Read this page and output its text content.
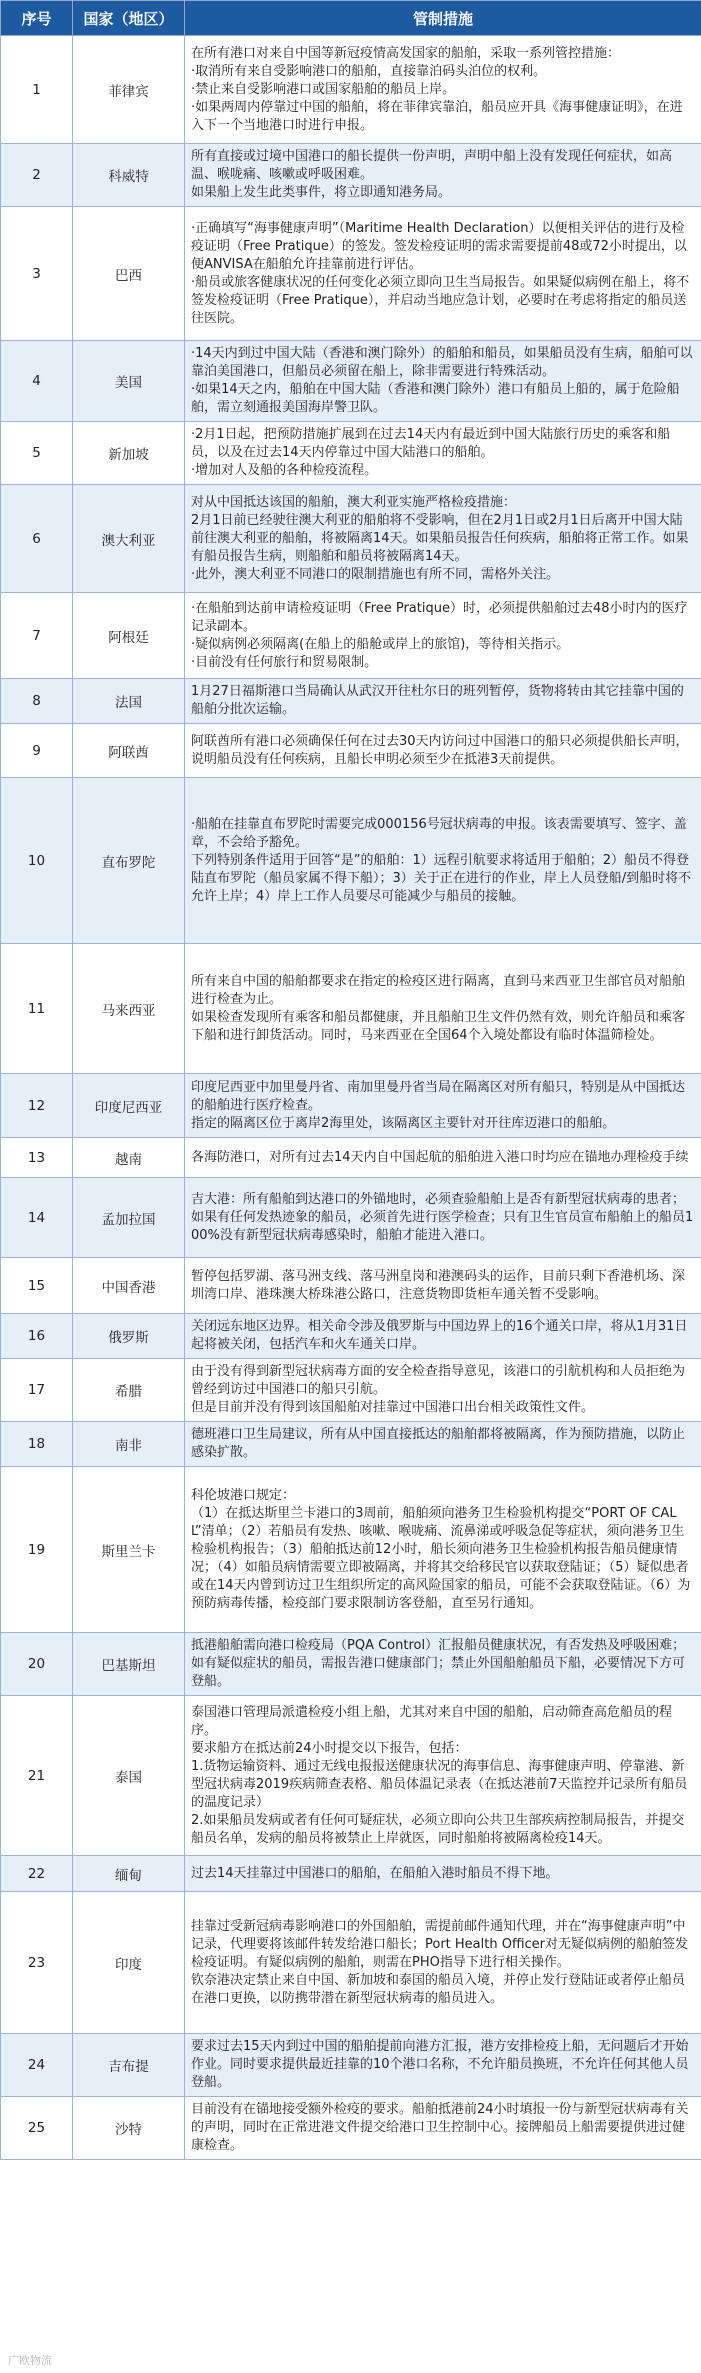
序号	国家（地区）	管制措施
1	菲律宾	在所有港口对来自中国等新冠疫情高发国家的船舶，采取一系列管控措施：
·取消所有来自受影响港口的船舶，直接靠泊码头泊位的权利。
·禁止来自受影响港口或国家船舶的船员上岸。
·如果两周内停靠过中国的船舶，将在菲律宾靠泊，船员应开具《海事健康证明》，在进入下一个当地港口时进行申报。

2	科威特	所有直接或过境中国港口的船长提供一份声明，声明中船上没有发现任何症状，如高温、喉咙痛、咳嗽或呼吸困难。
如果船上发生此类事件，将立即通知港务局。

3	巴西	·正确填写“海事健康声明”（Maritime Health Declaration）以便相关评估的进行及检疫证明（Free Pratique）的签发。签发检疫证明的需求需要提前48或72小时提出，以便ANVISA在船舶允许挂靠前进行评估。
·船员或旅客健康状况的任何变化必须立即向卫生当局报告。如果疑似病例在船上，将不签发检疫证明（Free Pratique），并启动当地应急计划，必要时在考虑将指定的船员送往医院。

4	美国	·14天内到过中国大陆（香港和澳门除外）的船舶和船员，如果船员没有生病，船舶可以靠泊美国港口，但船员必须留在船上，除非需要进行特殊活动。
·如果14天之内，船舶在中国大陆（香港和澳门除外）港口有船员上船的，属于危险船舶，需立刻通报美国海岸警卫队。

5	新加坡	·2月1日起，把预防措施扩展到在过去14天内有最近到中国大陆旅行历史的乘客和船员，以及在过去14天内停靠过中国大陆港口的船舶。
·增加对人及船的各种检疫流程。

6	澳大利亚	对从中国抵达该国的船舶，澳大利亚实施严格检疫措施：
2月1日前已经驶往澳大利亚的船舶将不受影响，但在2月1日或2月1日后离开中国大陆前往澳大利亚的船舶，将被隔离14天。如果船员报告任何疾病，船舶将正常工作。如果有船员报告生病，则船舶和船员将被隔离14天。
·此外，澳大利亚不同港口的限制措施也有所不同，需格外关注。

7	阿根廷	·在船舶到达前申请检疫证明（Free Pratique）时，必须提供船舶过去48小时内的医疗记录副本。
·疑似病例必须隔离(在船上的船舱或岸上的旅馆)，等待相关指示。
·目前没有任何旅行和贸易限制。

8	法国	1月27日福斯港口当局确认从武汉开往杜尔日的班列暂停，货物将转由其它挂靠中国的船舶分批次运输。

9	阿联酋	阿联酋所有港口必须确保任何在过去30天内访问过中国港口的船只必须提供船长声明，说明船员没有任何疾病，且船长申明必须至少在抵港3天前提供。

10	直布罗陀	·船舶在挂靠直布罗陀时需要完成000156号冠状病毒的申报。该表需要填写、签字、盖章，不会给予豁免。
下列特别条件适用于回答“是”的船舶：1）远程引航要求将适用于船舶；2）船员不得登陆直布罗陀（船员家属不得下船）；3）关于正在进行的作业，岸上人员登船/到船时将不允许上岸；4）岸上工作人员要尽可能减少与船员的接触。

11	马来西亚	所有来自中国的船舶都要求在指定的检疫区进行隔离，直到马来西亚卫生部官员对船舶进行检查为止。
如果检查发现所有乘客和船员都健康，并且船舶卫生文件仍然有效，则允许船员和乘客下船和进行卸货活动。同时，马来西亚在全国64个入境处都设有临时体温筛检处。

12	印度尼西亚	印度尼西亚中加里曼丹省、南加里曼丹省当局在隔离区对所有船只，特别是从中国抵达的船舶进行医疗检查。
指定的隔离区位于离岸2海里处，该隔离区主要针对开往库迈港口的船舶。

13	越南	各海防港口，对所有过去14天内自中国起航的船舶进入港口时均应在锚地办理检疫手续

14	孟加拉国	吉大港：所有船舶到达港口的外锚地时，必须查验船舶上是否有新型冠状病毒的患者；如果有任何发热迹象的船员，必须首先进行医学检查；只有卫生官员宣布船舶上的船员100%没有新型冠状病毒感染时，船舶才能进入港口。

15	中国香港	暂停包括罗湖、落马洲支线、落马洲皇岗和港澳码头的运作，目前只剩下香港机场、深圳湾口岸、港珠澳大桥珠港公路口，注意货物即货柜车通关暂不受影响。

16	俄罗斯	关闭远东地区边界。相关命令涉及俄罗斯与中国边界上的16个通关口岸，将从1月31日起将被关闭，包括汽车和火车通关口岸。

17	希腊	由于没有得到新型冠状病毒方面的安全检查指导意见，该港口的引航机构和人员拒绝为曾经到访过中国港口的船只引航。
但是目前并没有得到该国船舶对挂靠过中国港口出台相关政策性文件。

18	南非	德班港口卫生局建议，所有从中国直接抵达的船舶都将被隔离，作为预防措施，以防止感染扩散。

19	斯里兰卡	科伦坡港口规定：
（1）在抵达斯里兰卡港口的3周前，船舶须向港务卫生检验机构提交“PORT OF CALL”清单；（2）若船员有发热、咳嗽、喉咙痛、流鼻涕或呼吸急促等症状，须向港务卫生检验机构报告；（3）船舶抵达前12小时，船长须向港务卫生检验机构报告船员健康情况；（4）如船员病情需要立即被隔离，并将其交给移民官以获取登陆证；（5）疑似患者或在14天内曾到访过卫生组织所定的高风险国家的船员，可能不会获取登陆证。（6）为预防病毒传播，检疫部门要求限制访客登船，直至另行通知。

20	巴基斯坦	抵港船舶需向港口检疫局（PQA Control）汇报船员健康状况，有否发热及呼吸困难；如有疑似症状的船员，需报告港口健康部门；禁止外国船舶船员下船，必要情况下方可登船。

21	泰国	泰国港口管理局派遣检疫小组上船，尤其对来自中国的船舶，启动筛查高危船员的程序。
要求船方在抵达前24小时提交以下报告，包括：
1.货物运输资料、通过无线电报报送健康状况的海事信息、海事健康声明、停靠港、新型冠状病毒2019疾病筛查表格、船员体温记录表（在抵达港前7天监控并记录所有船员的温度记录）
2.如果船员发病或者有任何可疑症状，必须立即向公共卫生部疾病控制局报告，并提交船员名单，发病的船员将被禁止上岸就医，同时船舶将被隔离检疫14天。

22	缅甸	过去14天挂靠过中国港口的船舶，在船舶入港时船员不得下地。

23	印度	挂靠过受新冠病毒影响港口的外国船舶，需提前邮件通知代理，并在“海事健康声明”中记录，代理要将该邮件转发给港口船长；Port Health Officer对无疑似病例的船舶签发检疫证明。有疑似病例的船舶，则需在PHO指导下进行相关操作。
钦奈港决定禁止来自中国、新加坡和泰国的船员入境，并停止发行登陆证或者停止船员在港口更换，以防携带潜在新型冠状病毒的船员进入。

24	吉布提	要求过去15天内到过中国的船舶提前向港方汇报，港方安排检疫上船，无问题后才开始作业。同时要求提供最近挂靠的10个港口名称，不允许船员换班，不允许任何其他人员登船。

25	沙特	目前没有在锚地接受额外检疫的要求。船舶抵港前24小时填报一份与新型冠状病毒有关的声明，同时在正常进港文件提交给港口卫生控制中心。接牌船员上船需要提供进过健康检查。
广欧物流
